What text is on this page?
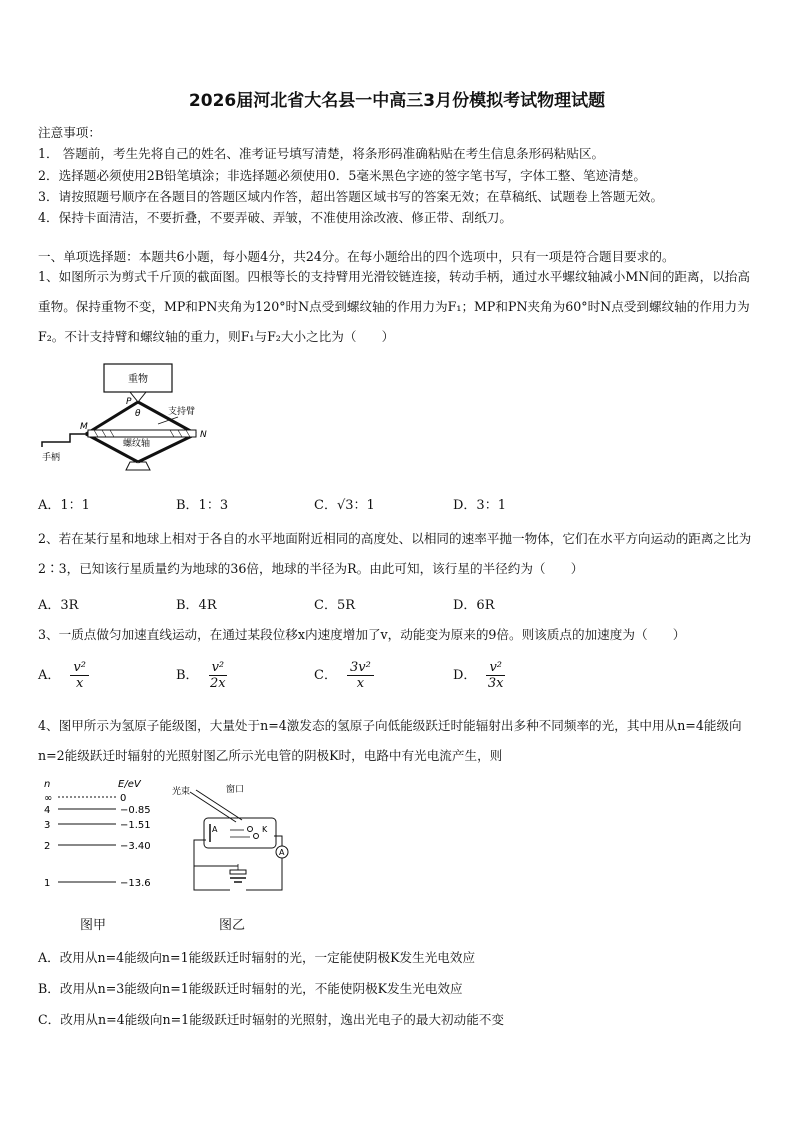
2026届河北省大名县一中高三3月份模拟考试物理试题
注意事项：
1． 答题前，考生先将自己的姓名、准考证号填写清楚，将条形码准确粘贴在考生信息条形码粘贴区。
2．选择题必须使用2B铅笔填涂；非选择题必须使用0．5毫米黑色字迹的签字笔书写，字体工整、笔迹清楚。
3．请按照题号顺序在各题目的答题区域内作答，超出答题区域书写的答案无效；在草稿纸、试题卷上答题无效。
4．保持卡面清洁，不要折叠，不要弄破、弄皱，不准使用涂改液、修正带、刮纸刀。
一、单项选择题：本题共6小题，每小题4分，共24分。在每小题给出的四个选项中，只有一项是符合题目要求的。
1、如图所示为剪式千斤顶的截面图。四根等长的支持臂用光滑铰链连接，转动手柄，通过水平螺纹轴减小MN间的距离，以抬高重物。保持重物不变，MP和PN夹角为120°时N点受到螺纹轴的作用力为F₁；MP和PN夹角为60°时N点受到螺纹轴的作用力为F₂。不计支持臂和螺纹轴的重力，则F₁与F₂大小之比为（　　）
重物
P
θ	支持臂
螺纹轴
M
N
手柄
A．1：1	B．1：3	C．√3：1	D．3：1
2、若在某行星和地球上相对于各自的水平地面附近相同的高度处、以相同的速率平抛一物体，它们在水平方向运动的距离之比为2∶3，已知该行星质量约为地球的36倍，地球的半径为R。由此可知，该行星的半径约为（　　）
A．3R	B．4R	C．5R	D．6R
3、一质点做匀加速直线运动，在通过某段位移x内速度增加了v，动能变为原来的9倍。则该质点的加速度为（　　）
A． $\frac{\text{v²}}{x}$	B． $\frac{\text{v²}}{2x}$	C． $\frac{\text{3v²}}{x}$	D． $\frac{\text{v²}}{3x}$
4、图甲所示为氢原子能级图，大量处于n=4激发态的氢原子向低能级跃迁时能辐射出多种不同频率的光，其中用从n=4能级向n=2能级跃迁时辐射的光照射图乙所示光电管的阴极K时，电路中有光电流产生，则
n	E/eV
∞	0
4	−0.85
3	−1.51
2	−3.40
1	−13.6
光束	窗口
A	K
A
图甲	图乙
A．改用从n=4能级向n=1能级跃迁时辐射的光，一定能使阴极K发生光电效应
B．改用从n=3能级向n=1能级跃迁时辐射的光，不能使阴极K发生光电效应
C．改用从n=4能级向n=1能级跃迁时辐射的光照射，逸出光电子的最大初动能不变
